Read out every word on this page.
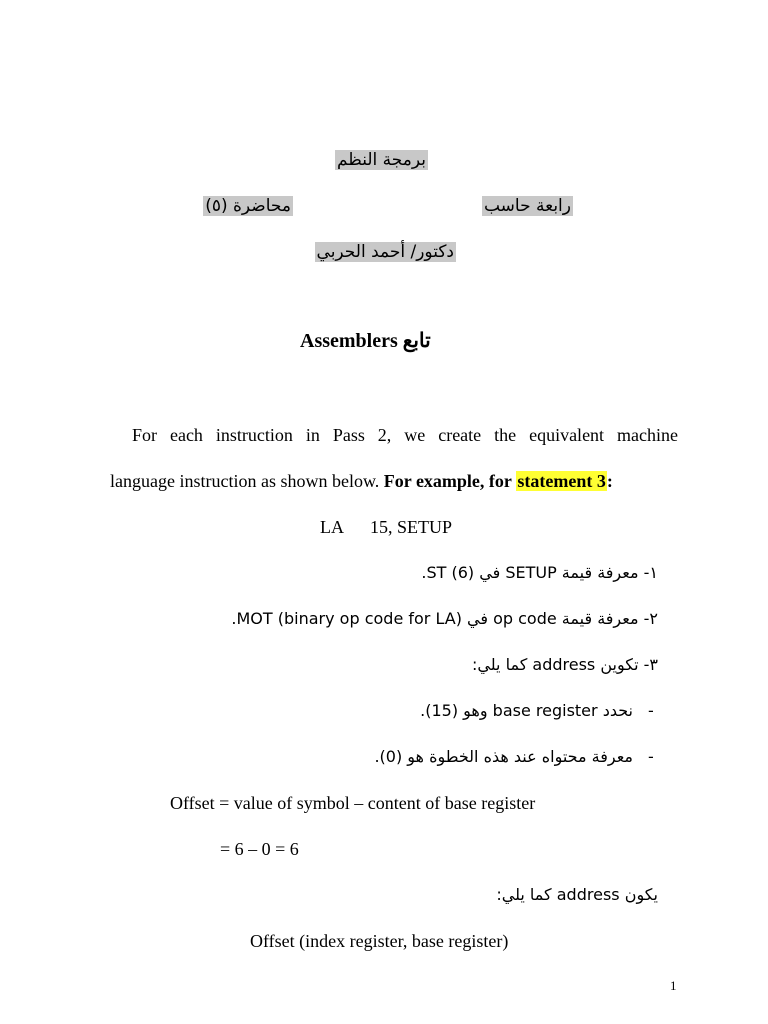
برمجة النظم
رابعة حاسب
محاضرة (٥)
دكتور/ أحمد الحربي
تابع Assemblers
For each instruction in Pass 2, we create the equivalent machine
language instruction as shown below. For example, for statement 3:
LA      15, SETUP
١- معرفة قيمة SETUP في ST (6).
٢- معرفة قيمة op code في MOT (binary op code for LA).
٣- تكوين address كما يلي:
-
نحدد base register وهو (15).
-
معرفة محتواه عند هذه الخطوة هو (0).
Offset = value of symbol – content of base register
= 6 – 0 = 6
يكون address كما يلي:
Offset (index register, base register)
1
